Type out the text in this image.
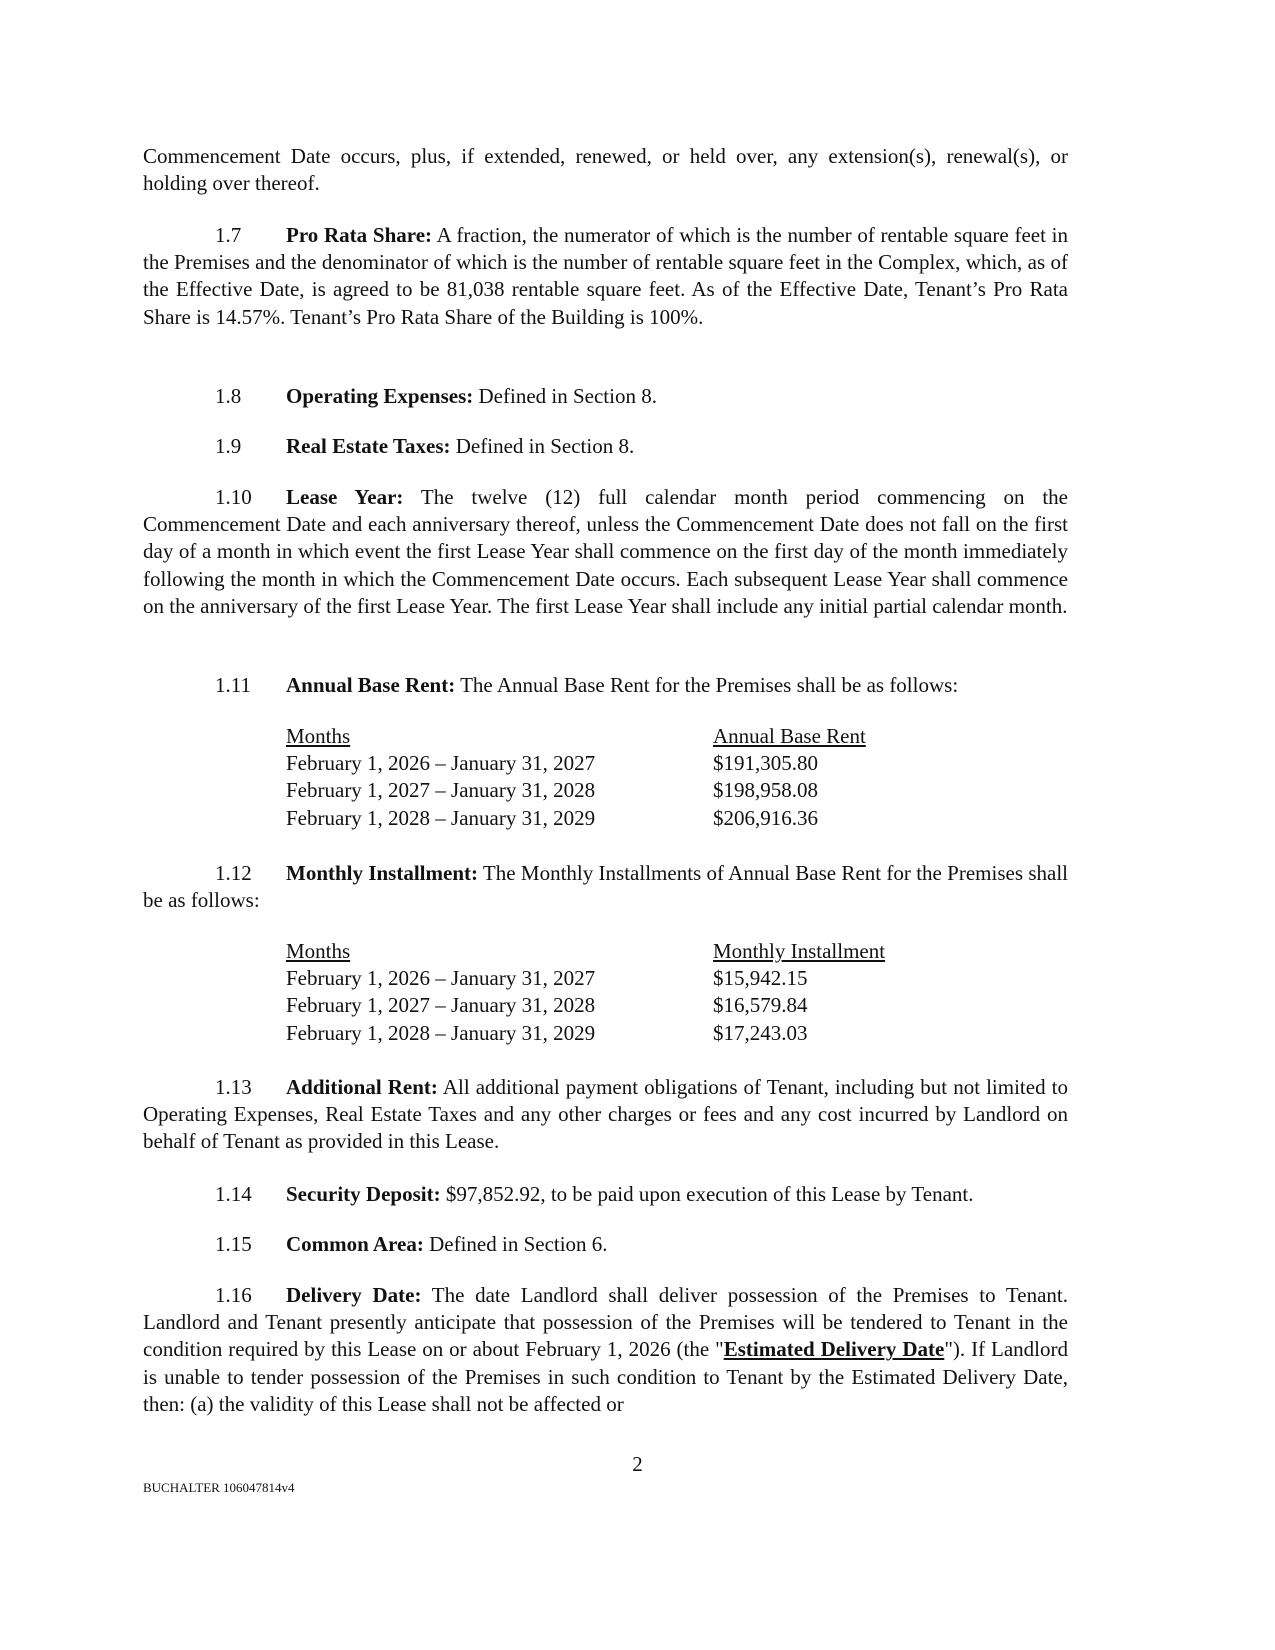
Commencement Date occurs, plus, if extended, renewed, or held over, any extension(s), renewal(s), or holding over thereof.
1.7 Pro Rata Share: A fraction, the numerator of which is the number of rentable square feet in the Premises and the denominator of which is the number of rentable square feet in the Complex, which, as of the Effective Date, is agreed to be 81,038 rentable square feet. As of the Effective Date, Tenant’s Pro Rata Share is 14.57%. Tenant’s Pro Rata Share of the Building is 100%.
1.8 Operating Expenses: Defined in Section 8.
1.9 Real Estate Taxes: Defined in Section 8.
1.10 Lease Year: The twelve (12) full calendar month period commencing on the Commencement Date and each anniversary thereof, unless the Commencement Date does not fall on the first day of a month in which event the first Lease Year shall commence on the first day of the month immediately following the month in which the Commencement Date occurs. Each subsequent Lease Year shall commence on the anniversary of the first Lease Year. The first Lease Year shall include any initial partial calendar month.
1.11 Annual Base Rent: The Annual Base Rent for the Premises shall be as follows:
Months	Annual Base Rent
February 1, 2026 – January 31, 2027	$191,305.80
February 1, 2027 – January 31, 2028	$198,958.08
February 1, 2028 – January 31, 2029	$206,916.36
1.12 Monthly Installment: The Monthly Installments of Annual Base Rent for the Premises shall be as follows:
Months	Monthly Installment
February 1, 2026 – January 31, 2027	$15,942.15
February 1, 2027 – January 31, 2028	$16,579.84
February 1, 2028 – January 31, 2029	$17,243.03
1.13 Additional Rent: All additional payment obligations of Tenant, including but not limited to Operating Expenses, Real Estate Taxes and any other charges or fees and any cost incurred by Landlord on behalf of Tenant as provided in this Lease.
1.14 Security Deposit: $97,852.92, to be paid upon execution of this Lease by Tenant.
1.15 Common Area: Defined in Section 6.
1.16 Delivery Date: The date Landlord shall deliver possession of the Premises to Tenant. Landlord and Tenant presently anticipate that possession of the Premises will be tendered to Tenant in the condition required by this Lease on or about February 1, 2026 (the "Estimated Delivery Date"). If Landlord is unable to tender possession of the Premises in such condition to Tenant by the Estimated Delivery Date, then: (a) the validity of this Lease shall not be affected or
2
BUCHALTER 106047814v4
